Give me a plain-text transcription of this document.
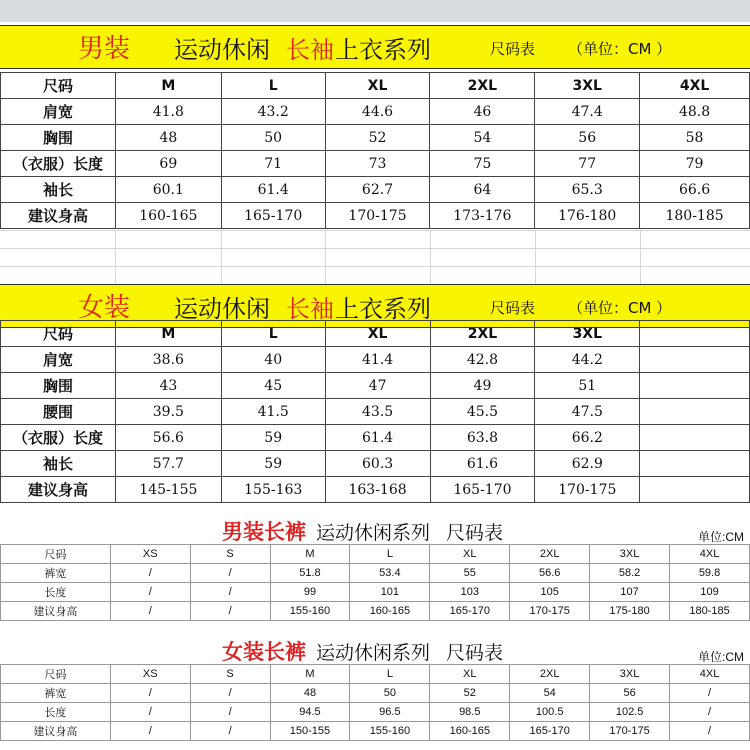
男装 运动休闲 长袖 上衣系列	尺码表 （单位：CM ）
尺码	M	L	XL	2XL	3XL	4XL
肩宽	41.8	43.2	44.6	46	47.4	48.8
胸围	48	50	52	54	56	58
（衣服）长度	69	71	73	75	77	79
袖长	60.1	61.4	62.7	64	65.3	66.6
建议身高	160-165	165-170	170-175	173-176	176-180	180-185
女装 运动休闲 长袖 上衣系列	尺码表 （单位：CM ）
尺码	M	L	XL	2XL	3XL	
肩宽	38.6	40	41.4	42.8	44.2	
胸围	43	45	47	49	51	
腰围	39.5	41.5	43.5	45.5	47.5	
（衣服）长度	56.6	59	61.4	63.8	66.2	
袖长	57.7	59	60.3	61.6	62.9	
建议身高	145-155	155-163	163-168	165-170	170-175	
男装长裤 运动休闲系列 尺码表	单位:CM
尺码	XS	S	M	L	XL	2XL	3XL	4XL
裤宽	/	/	51.8	53.4	55	56.6	58.2	59.8
长度	/	/	99	101	103	105	107	109
建议身高	/	/	155-160	160-165	165-170	170-175	175-180	180-185
女装长裤 运动休闲系列 尺码表	单位:CM
尺码	XS	S	M	L	XL	2XL	3XL	4XL
裤宽	/	/	48	50	52	54	56	/
长度	/	/	94.5	96.5	98.5	100.5	102.5	/
建议身高	/	/	150-155	155-160	160-165	165-170	170-175	/
